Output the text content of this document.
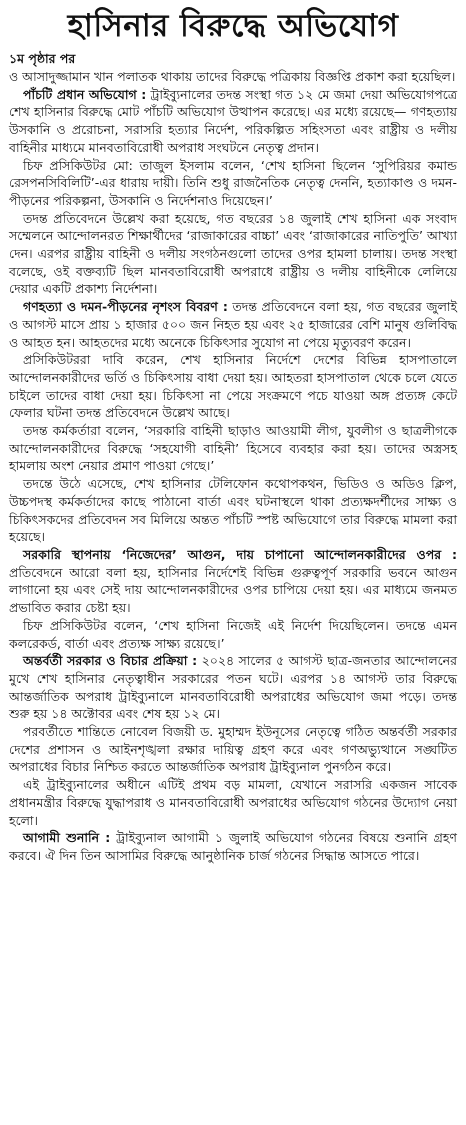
হাসিনার বিরুদ্ধে অভিযোগ
১ম পৃষ্ঠার পর

ও আসাদুজ্জামান খান পলাতক থাকায় তাদের বিরুদ্ধে পত্রিকায় বিজ্ঞপ্তি প্রকাশ করা হয়েছিল।

পাঁচটি প্রধান অভিযোগ : ট্রাইব্যুনালের তদন্ত সংস্থা গত ১২ মে জমা দেয়া অভিযোগপত্রে শেখ হাসিনার বিরুদ্ধে মোট পাঁচটি অভিযোগ উত্থাপন করেছে। এর মধ্যে রয়েছে— গণহত্যায় উসকানি ও প্ররোচনা, সরাসরি হত্যার নির্দেশ, পরিকল্পিত সহিংসতা এবং রাষ্ট্রীয় ও দলীয় বাহিনীর মাধ্যমে মানবতাবিরোধী অপরাধ সংঘটনে নেতৃত্ব প্রদান।

চিফ প্রসিকিউটর মো: তাজুল ইসলাম বলেন, ‘শেখ হাসিনা ছিলেন ‘সুপিরিয়র কমান্ড রেসপনসিবিলিটি’-এর ধারায় দায়ী। তিনি শুধু রাজনৈতিক নেতৃত্ব দেননি, হত্যাকাণ্ড ও দমন-পীড়নের পরিকল্পনা, উসকানি ও নির্দেশনাও দিয়েছেন।’

তদন্ত প্রতিবেদনে উল্লেখ করা হয়েছে, গত বছরের ১৪ জুলাই শেখ হাসিনা এক সংবাদ সম্মেলনে আন্দোলনরত শিক্ষার্থীদের ‘রাজাকারের বাচ্চা’ এবং ‘রাজাকারের নাতিপুতি’ আখ্যা দেন। এরপর রাষ্ট্রীয় বাহিনী ও দলীয় সংগঠনগুলো তাদের ওপর হামলা চালায়। তদন্ত সংস্থা বলেছে, ওই বক্তব্যটি ছিল মানবতাবিরোধী অপরাধে রাষ্ট্রীয় ও দলীয় বাহিনীকে লেলিয়ে দেয়ার একটি প্রকাশ্য নির্দেশনা।

গণহত্যা ও দমন-পীড়নের নৃশংস বিবরণ : তদন্ত প্রতিবেদনে বলা হয়, গত বছরের জুলাই ও আগস্ট মাসে প্রায় ১ হাজার ৫০০ জন নিহত হয় এবং ২৫ হাজারের বেশি মানুষ গুলিবিদ্ধ ও আহত হন। আহতদের মধ্যে অনেকে চিকিৎসার সুযোগ না পেয়ে মৃত্যুবরণ করেন।

প্রসিকিউটররা দাবি করেন, শেখ হাসিনার নির্দেশে দেশের বিভিন্ন হাসপাতালে আন্দোলনকারীদের ভর্তি ও চিকিৎসায় বাধা দেয়া হয়। আহতরা হাসপাতাল থেকে চলে যেতে চাইলে তাদের বাধা দেয়া হয়। চিকিৎসা না পেয়ে সংক্রমণে পচে যাওয়া অঙ্গ প্রত্যঙ্গ কেটে ফেলার ঘটনা তদন্ত প্রতিবেদনে উল্লেখ আছে।

তদন্ত কর্মকর্তারা বলেন, ‘সরকারি বাহিনী ছাড়াও আওয়ামী লীগ, যুবলীগ ও ছাত্রলীগকে আন্দোলনকারীদের বিরুদ্ধে ‘সহযোগী বাহিনী’ হিসেবে ব্যবহার করা হয়। তাদের অস্ত্রসহ হামলায় অংশ নেয়ার প্রমাণ পাওয়া গেছে।’

তদন্তে উঠে এসেছে, শেখ হাসিনার টেলিফোন কথোপকথন, ভিডিও ও অডিও ক্লিপ, উচ্চপদস্থ কর্মকর্তাদের কাছে পাঠানো বার্তা এবং ঘটনাস্থলে থাকা প্রত্যক্ষদর্শীদের সাক্ষ্য ও চিকিৎসকদের প্রতিবেদন সব মিলিয়ে অন্তত পাঁচটি স্পষ্ট অভিযোগে তার বিরুদ্ধে মামলা করা হয়েছে।

সরকারি স্থাপনায় ‘নিজেদের’ আগুন, দায় চাপানো আন্দোলনকারীদের ওপর : প্রতিবেদনে আরো বলা হয়, হাসিনার নির্দেশেই বিভিন্ন গুরুত্বপূর্ণ সরকারি ভবনে আগুন লাগানো হয় এবং সেই দায় আন্দোলনকারীদের ওপর চাপিয়ে দেয়া হয়। এর মাধ্যমে জনমত প্রভাবিত করার চেষ্টা হয়।

চিফ প্রসিকিউটর বলেন, ‘শেখ হাসিনা নিজেই এই নির্দেশ দিয়েছিলেন। তদন্তে এমন কলরেকর্ড, বার্তা এবং প্রত্যক্ষ সাক্ষ্য রয়েছে।’

অন্তর্বর্তী সরকার ও বিচার প্রক্রিয়া : ২০২৪ সালের ৫ আগস্ট ছাত্র-জনতার আন্দোলনের মুখে শেখ হাসিনার নেতৃত্বাধীন সরকারের পতন ঘটে। এরপর ১৪ আগস্ট তার বিরুদ্ধে আন্তর্জাতিক অপরাধ ট্রাইব্যুনালে মানবতাবিরোধী অপরাধের অভিযোগ জমা পড়ে। তদন্ত শুরু হয় ১৪ অক্টোবর এবং শেষ হয় ১২ মে।

পরবর্তীতে শান্তিতে নোবেল বিজয়ী ড. মুহাম্মদ ইউনূসের নেতৃত্বে গঠিত অন্তর্বর্তী সরকার দেশের প্রশাসন ও আইনশৃঙ্খলা রক্ষার দায়িত্ব গ্রহণ করে এবং গণঅভ্যুত্থানে সঙ্ঘটিত অপরাধের বিচার নিশ্চিত করতে আন্তর্জাতিক অপরাধ ট্রাইব্যুনাল পুনর্গঠন করে।

এই ট্রাইব্যুনালের অধীনে এটিই প্রথম বড় মামলা, যেখানে সরাসরি একজন সাবেক প্রধানমন্ত্রীর বিরুদ্ধে যুদ্ধাপরাধ ও মানবতাবিরোধী অপরাধের অভিযোগ গঠনের উদ্যোগ নেয়া হলো।

আগামী শুনানি : ট্রাইব্যুনাল আগামী ১ জুলাই অভিযোগ গঠনের বিষয়ে শুনানি গ্রহণ করবে। ঐ দিন তিন আসামির বিরুদ্ধে আনুষ্ঠানিক চার্জ গঠনের সিদ্ধান্ত আসতে পারে।
